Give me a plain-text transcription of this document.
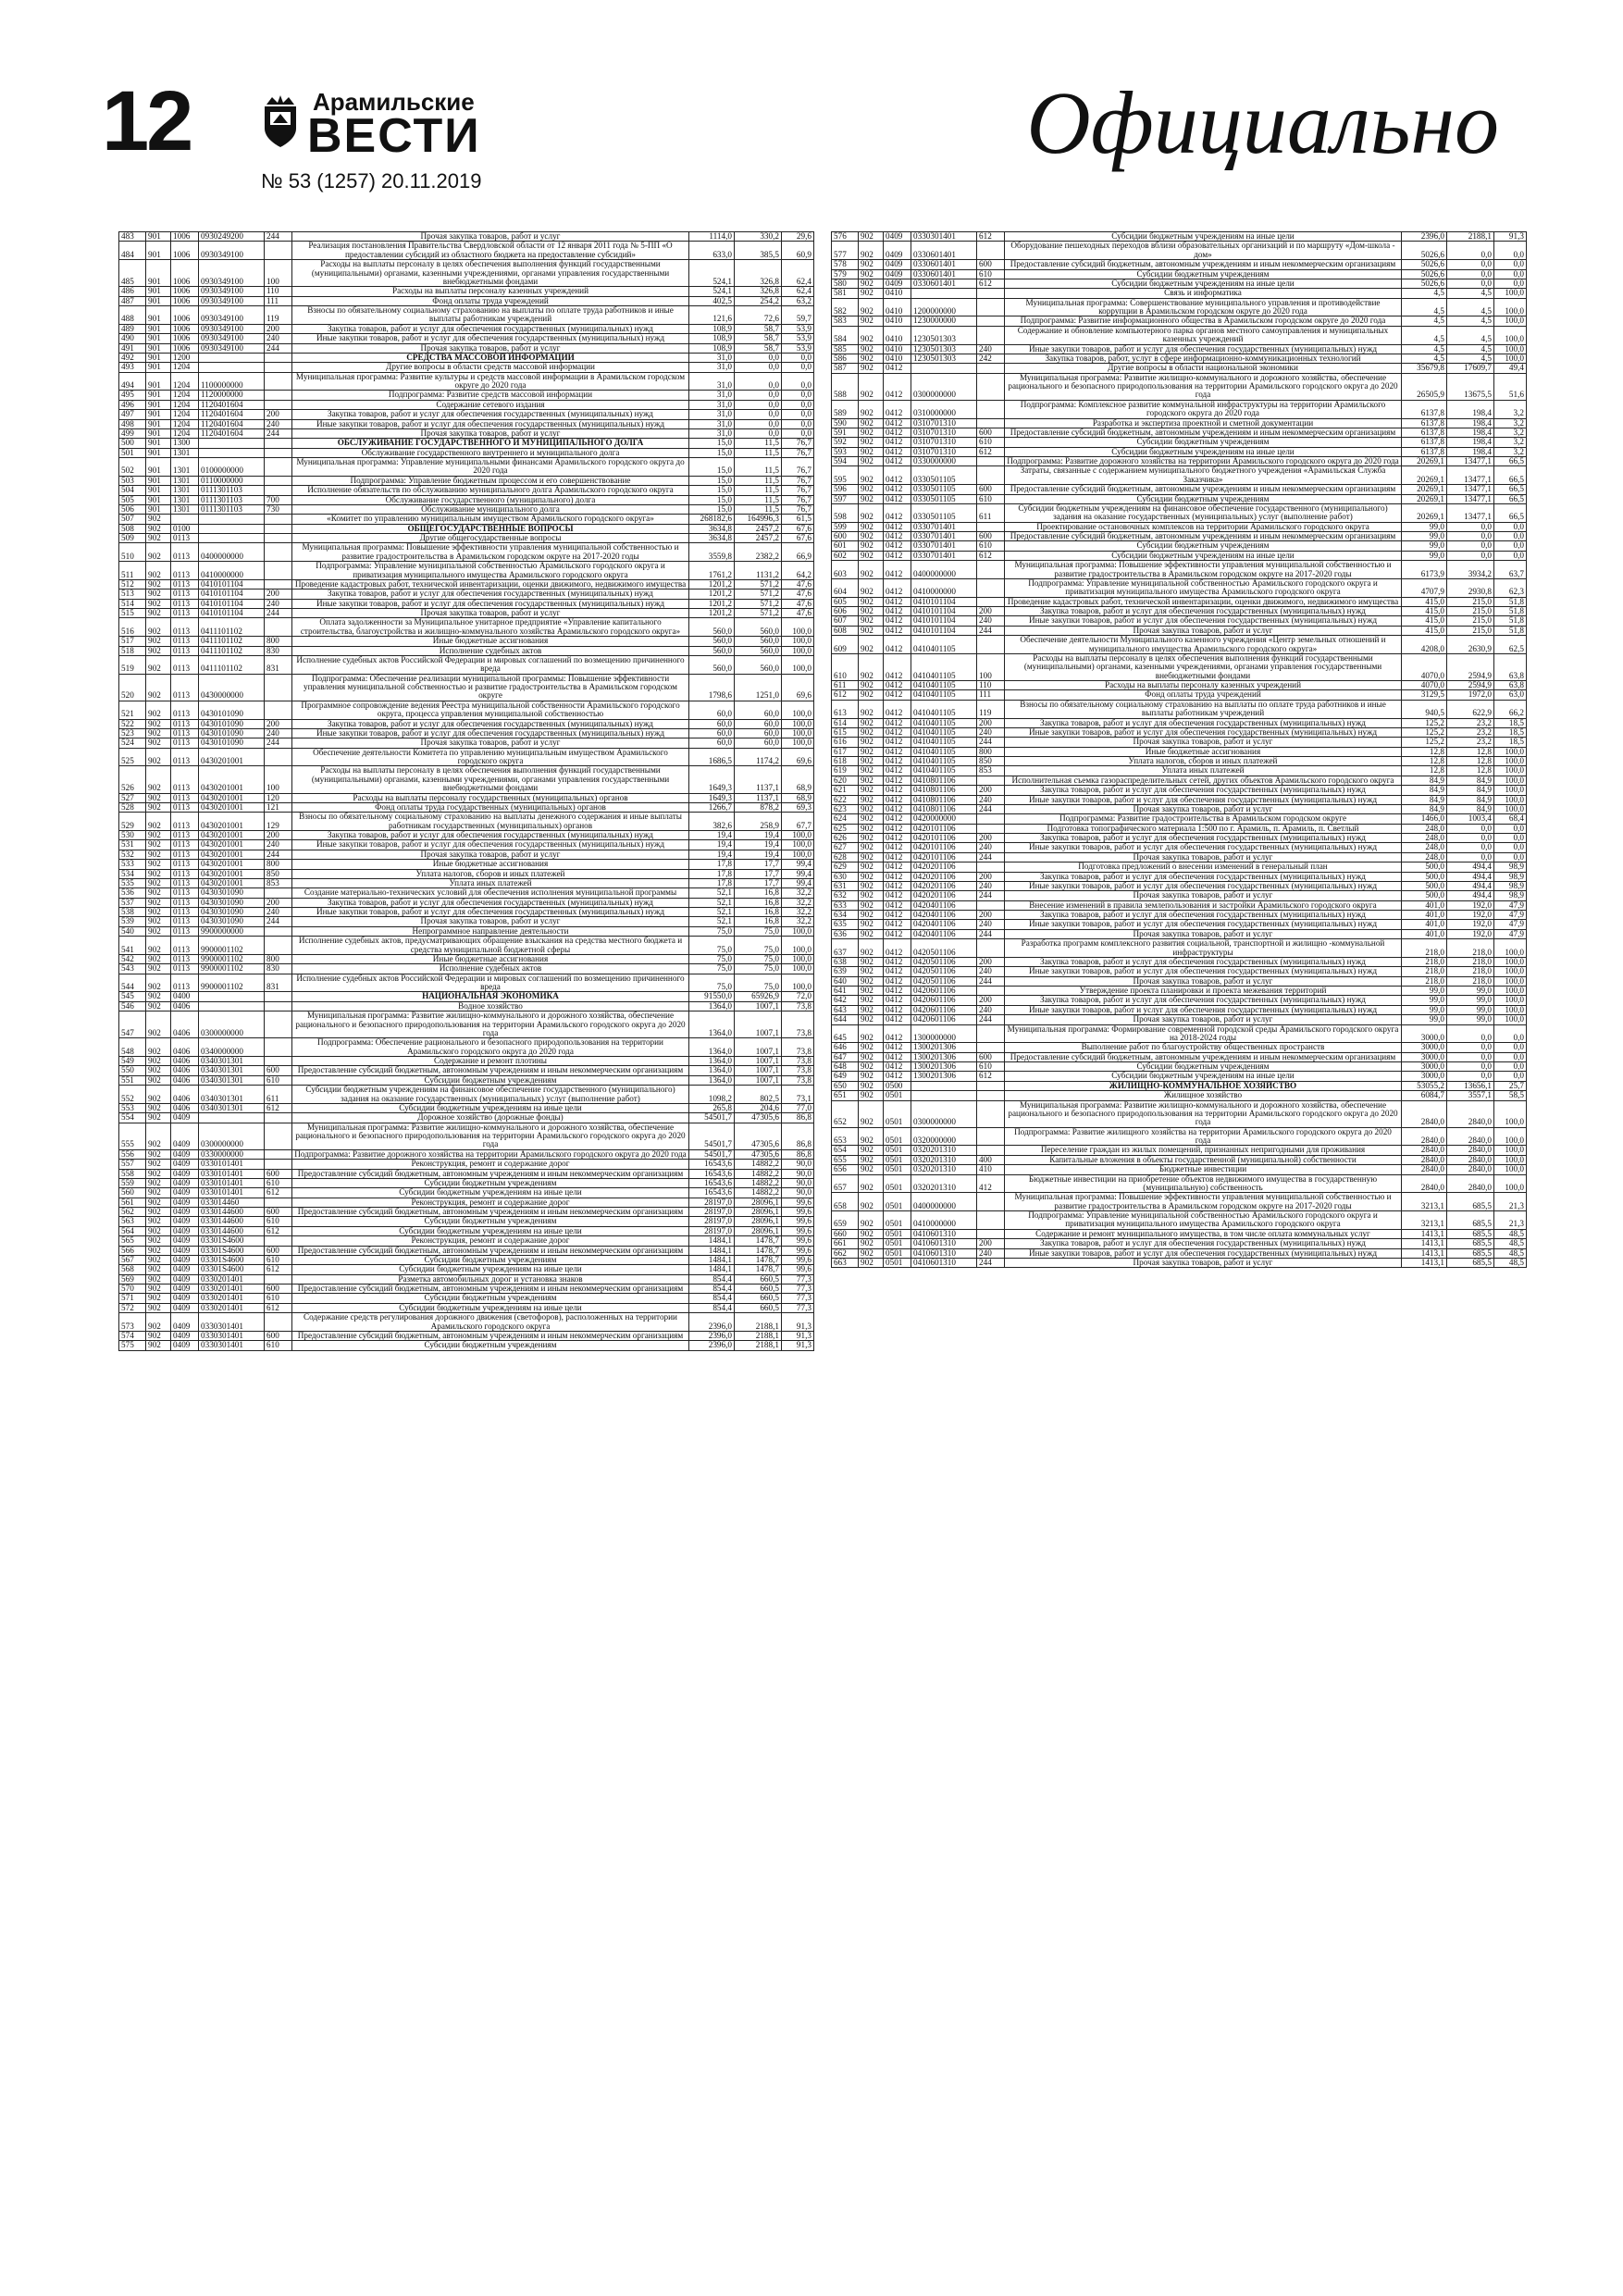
12	Арамильские
ВЕСТИ
№ 53 (1257) 20.11.2019
Официально
483	901	1006	0930249200	244	Прочая закупка товаров, работ и услуг	1114,0	330,2	29,6
484	901	1006	0930349100		Реализация постановления Правительства Свердловской области от 12 января 2011 года № 5-ПП «О предоставлении субсидий из областного бюджета на предоставление субсидий»	633,0	385,5	60,9
485	901	1006	0930349100	100	Расходы на выплаты персоналу в целях обеспечения выполнения функций государственными (муниципальными) органами, казенными учреждениями, органами управления государственными внебюджетными фондами	524,1	326,8	62,4
486	901	1006	0930349100	110	Расходы на выплаты персоналу казенных учреждений	524,1	326,8	62,4
487	901	1006	0930349100	111	Фонд оплаты труда учреждений	402,5	254,2	63,2
488	901	1006	0930349100	119	Взносы по обязательному социальному страхованию на выплаты по оплате труда работников и иные выплаты работникам учреждений	121,6	72,6	59,7
489	901	1006	0930349100	200	Закупка товаров, работ и услуг для обеспечения государственных (муниципальных) нужд	108,9	58,7	53,9
490	901	1006	0930349100	240	Иные закупки товаров, работ и услуг для обеспечения государственных (муниципальных) нужд	108,9	58,7	53,9
491	901	1006	0930349100	244	Прочая закупка товаров, работ и услуг	108,9	58,7	53,9
492	901	1200			СРЕДСТВА МАССОВОЙ ИНФОРМАЦИИ	31,0	0,0	0,0
493	901	1204			Другие вопросы в области средств массовой информации	31,0	0,0	0,0
494	901	1204	1100000000		Муниципальная программа: Развитие культуры и средств массовой информации в Арамильском городском округе до 2020 года	31,0	0,0	0,0
495	901	1204	1120000000		Подпрограмма: Развитие средств массовой информации	31,0	0,0	0,0
496	901	1204	1120401604		Содержание сетевого издания	31,0	0,0	0,0
497	901	1204	1120401604	200	Закупка товаров, работ и услуг для обеспечения государственных (муниципальных) нужд	31,0	0,0	0,0
498	901	1204	1120401604	240	Иные закупки товаров, работ и услуг для обеспечения государственных (муниципальных) нужд	31,0	0,0	0,0
499	901	1204	1120401604	244	Прочая закупка товаров, работ и услуг	31,0	0,0	0,0
500	901	1300			ОБСЛУЖИВАНИЕ ГОСУДАРСТВЕННОГО И МУНИЦИПАЛЬНОГО ДОЛГА	15,0	11,5	76,7
501	901	1301			Обслуживание государственного внутреннего и муниципального долга	15,0	11,5	76,7
502	901	1301	0100000000		Муниципальная программа: Управление муниципальными финансами Арамильского городского округа до 2020 года	15,0	11,5	76,7
503	901	1301	0110000000		Подпрограмма: Управление бюджетным процессом и его совершенствование	15,0	11,5	76,7
504	901	1301	0111301103		Исполнение обязательств по обслуживанию муниципального долга Арамильского городского округа	15,0	11,5	76,7
505	901	1301	0111301103	700	Обслуживание государственного (муниципального) долга	15,0	11,5	76,7
506	901	1301	0111301103	730	Обслуживание муниципального долга	15,0	11,5	76,7
507	902				«Комитет по управлению муниципальным имуществом Арамильского городского округа»	268182,6	164996,3	61,5
508	902	0100			ОБЩЕГОСУДАРСТВЕННЫЕ ВОПРОСЫ	3634,8	2457,2	67,6
509	902	0113			Другие общегосударственные вопросы	3634,8	2457,2	67,6
510	902	0113	0400000000		Муниципальная программа: Повышение эффективности управления муниципальной собственностью и развитие градостроительства в Арамильском городском округе на 2017-2020 годы	3559,8	2382,2	66,9
511	902	0113	0410000000		Подпрограмма: Управление муниципальной собственностью Арамильского городского округа и приватизация муниципального имущества Арамильского городского округа	1761,2	1131,2	64,2
512	902	0113	0410101104		Проведение кадастровых работ, технической инвентаризации, оценки движимого, недвижимого имущества	1201,2	571,2	47,6
513	902	0113	0410101104	200	Закупка товаров, работ и услуг для обеспечения государственных (муниципальных) нужд	1201,2	571,2	47,6
514	902	0113	0410101104	240	Иные закупки товаров, работ и услуг для обеспечения государственных (муниципальных) нужд	1201,2	571,2	47,6
515	902	0113	0410101104	244	Прочая закупка товаров, работ и услуг	1201,2	571,2	47,6
516	902	0113	0411101102		Оплата задолженности за Муниципальное унитарное предприятие «Управление капитального строительства, благоустройства и жилищно-коммунального хозяйства Арамильского городского округа»	560,0	560,0	100,0
517	902	0113	0411101102	800	Иные бюджетные ассигнования	560,0	560,0	100,0
518	902	0113	0411101102	830	Исполнение судебных актов	560,0	560,0	100,0
519	902	0113	0411101102	831	Исполнение судебных актов Российской Федерации и мировых соглашений по возмещению причиненного вреда	560,0	560,0	100,0
520	902	0113	0430000000		Подпрограмма: Обеспечение реализации муниципальной программы: Повышение эффективности управления муниципальной собственностью и развитие градостроительства в Арамильском городском округе	1798,6	1251,0	69,6
521	902	0113	0430101090		Программное сопровождение ведения Реестра муниципальной собственности Арамильского городского округа, процесса управления муниципальной собственностью	60,0	60,0	100,0
522	902	0113	0430101090	200	Закупка товаров, работ и услуг для обеспечения государственных (муниципальных) нужд	60,0	60,0	100,0
523	902	0113	0430101090	240	Иные закупки товаров, работ и услуг для обеспечения государственных (муниципальных) нужд	60,0	60,0	100,0
524	902	0113	0430101090	244	Прочая закупка товаров, работ и услуг	60,0	60,0	100,0
525	902	0113	0430201001		Обеспечение деятельности Комитета по управлению муниципальным имуществом Арамильского городского округа	1686,5	1174,2	69,6
526	902	0113	0430201001	100	Расходы на выплаты персоналу в целях обеспечения выполнения функций государственными (муниципальными) органами, казенными учреждениями, органами управления государственными внебюджетными фондами	1649,3	1137,1	68,9
527	902	0113	0430201001	120	Расходы на выплаты персоналу государственных (муниципальных) органов	1649,3	1137,1	68,9
528	902	0113	0430201001	121	Фонд оплаты труда государственных (муниципальных) органов	1266,7	878,2	69,3
529	902	0113	0430201001	129	Взносы по обязательному социальному страхованию на выплаты денежного содержания и иные выплаты работникам государственных (муниципальных) органов	382,6	258,9	67,7
530	902	0113	0430201001	200	Закупка товаров, работ и услуг для обеспечения государственных (муниципальных) нужд	19,4	19,4	100,0
531	902	0113	0430201001	240	Иные закупки товаров, работ и услуг для обеспечения государственных (муниципальных) нужд	19,4	19,4	100,0
532	902	0113	0430201001	244	Прочая закупка товаров, работ и услуг	19,4	19,4	100,0
533	902	0113	0430201001	800	Иные бюджетные ассигнования	17,8	17,7	99,4
534	902	0113	0430201001	850	Уплата налогов, сборов и иных платежей	17,8	17,7	99,4
535	902	0113	0430201001	853	Уплата иных платежей	17,8	17,7	99,4
536	902	0113	0430301090		Создание материально-технических условий для обеспечения исполнения муниципальной программы	52,1	16,8	32,2
537	902	0113	0430301090	200	Закупка товаров, работ и услуг для обеспечения государственных (муниципальных) нужд	52,1	16,8	32,2
538	902	0113	0430301090	240	Иные закупки товаров, работ и услуг для обеспечения государственных (муниципальных) нужд	52,1	16,8	32,2
539	902	0113	0430301090	244	Прочая закупка товаров, работ и услуг	52,1	16,8	32,2
540	902	0113	9900000000		Непрограммное направление деятельности	75,0	75,0	100,0
541	902	0113	9900001102		Исполнение судебных актов, предусматривающих обращение взыскания на средства местного бюджета и средства муниципальной бюджетной сферы	75,0	75,0	100,0
542	902	0113	9900001102	800	Иные бюджетные ассигнования	75,0	75,0	100,0
543	902	0113	9900001102	830	Исполнение судебных актов	75,0	75,0	100,0
544	902	0113	9900001102	831	Исполнение судебных актов Российской Федерации и мировых соглашений по возмещению причиненного вреда	75,0	75,0	100,0
545	902	0400			НАЦИОНАЛЬНАЯ ЭКОНОМИКА	91550,0	65926,9	72,0
546	902	0406			Водное хозяйство	1364,0	1007,1	73,8
547	902	0406	0300000000		Муниципальная программа: Развитие жилищно-коммунального и дорожного хозяйства, обеспечение рационального и безопасного природопользования на территории Арамильского городского округа до 2020 года	1364,0	1007,1	73,8
548	902	0406	0340000000		Подпрограмма: Обеспечение рационального и безопасного природопользования на территории Арамильского городского округа до 2020 года	1364,0	1007,1	73,8
549	902	0406	0340301301		Содержание и ремонт плотины	1364,0	1007,1	73,8
550	902	0406	0340301301	600	Предоставление субсидий бюджетным, автономным учреждениям и иным некоммерческим организациям	1364,0	1007,1	73,8
551	902	0406	0340301301	610	Субсидии бюджетным учреждениям	1364,0	1007,1	73,8
552	902	0406	0340301301	611	Субсидии бюджетным учреждениям на финансовое обеспечение государственного (муниципального) задания на оказание государственных (муниципальных) услуг (выполнение работ)	1098,2	802,5	73,1
553	902	0406	0340301301	612	Субсидии бюджетным учреждениям на иные цели	265,8	204,6	77,0
554	902	0409			Дорожное хозяйство (дорожные фонды)	54501,7	47305,6	86,8
555	902	0409	0300000000		Муниципальная программа: Развитие жилищно-коммунального и дорожного хозяйства, обеспечение рационального и безопасного природопользования на территории Арамильского городского округа до 2020 года	54501,7	47305,6	86,8
556	902	0409	0330000000		Подпрограмма: Развитие дорожного хозяйства на территории Арамильского городского округа до 2020 года	54501,7	47305,6	86,8
557	902	0409	0330101401		Реконструкция, ремонт и содержание дорог	16543,6	14882,2	90,0
558	902	0409	0330101401	600	Предоставление субсидий бюджетным, автономным учреждениям и иным некоммерческим организациям	16543,6	14882,2	90,0
559	902	0409	0330101401	610	Субсидии бюджетным учреждениям	16543,6	14882,2	90,0
560	902	0409	0330101401	612	Субсидии бюджетным учреждениям на иные цели	16543,6	14882,2	90,0
561	902	0409	033014460		Реконструкция, ремонт и содержание дорог	28197,0	28096,1	99,6
562	902	0409	0330144600	600	Предоставление субсидий бюджетным, автономным учреждениям и иным некоммерческим организациям	28197,0	28096,1	99,6
563	902	0409	0330144600	610	Субсидии бюджетным учреждениям	28197,0	28096,1	99,6
564	902	0409	0330144600	612	Субсидии бюджетным учреждениям на иные цели	28197,0	28096,1	99,6
565	902	0409	03301S4600		Реконструкция, ремонт и содержание дорог	1484,1	1478,7	99,6
566	902	0409	03301S4600	600	Предоставление субсидий бюджетным, автономным учреждениям и иным некоммерческим организациям	1484,1	1478,7	99,6
567	902	0409	03301S4600	610	Субсидии бюджетным учреждениям	1484,1	1478,7	99,6
568	902	0409	03301S4600	612	Субсидии бюджетным учреждениям на иные цели	1484,1	1478,7	99,6
569	902	0409	0330201401		Разметка автомобильных дорог и установка знаков	854,4	660,5	77,3
570	902	0409	0330201401	600	Предоставление субсидий бюджетным, автономным учреждениям и иным некоммерческим организациям	854,4	660,5	77,3
571	902	0409	0330201401	610	Субсидии бюджетным учреждениям	854,4	660,5	77,3
572	902	0409	0330201401	612	Субсидии бюджетным учреждениям на иные цели	854,4	660,5	77,3
573	902	0409	0330301401		Содержание средств регулирования дорожного движения (светофоров), расположенных на территории Арамильского городского округа	2396,0	2188,1	91,3
574	902	0409	0330301401	600	Предоставление субсидий бюджетным, автономным учреждениям и иным некоммерческим организациям	2396,0	2188,1	91,3
575	902	0409	0330301401	610	Субсидии бюджетным учреждениям	2396,0	2188,1	91,3
576	902	0409	0330301401	612	Субсидии бюджетным учреждениям на иные цели	2396,0	2188,1	91,3
577	902	0409	0330601401		Оборудование пешеходных переходов вблизи образовательных организаций и по маршруту «Дом-школа - дом»	5026,6	0,0	0,0
578	902	0409	0330601401	600	Предоставление субсидий бюджетным, автономным учреждениям и иным некоммерческим организациям	5026,6	0,0	0,0
579	902	0409	0330601401	610	Субсидии бюджетным учреждениям	5026,6	0,0	0,0
580	902	0409	0330601401	612	Субсидии бюджетным учреждениям на иные цели	5026,6	0,0	0,0
581	902	0410			Связь и информатика	4,5	4,5	100,0
582	902	0410	1200000000		Муниципальная программа: Совершенствование муниципального управления и противодействие коррупции в Арамильском городском округе до 2020 года	4,5	4,5	100,0
583	902	0410	1230000000		Подпрограмма: Развитие информационного общества в Арамильском городском округе до 2020 года	4,5	4,5	100,0
584	902	0410	1230501303		Содержание и обновление компьютерного парка органов местного самоуправления и муниципальных казенных учреждений	4,5	4,5	100,0
585	902	0410	1230501303	240	Иные закупки товаров, работ и услуг для обеспечения государственных (муниципальных) нужд	4,5	4,5	100,0
586	902	0410	1230501303	242	Закупка товаров, работ, услуг в сфере информационно-коммуникационных технологий	4,5	4,5	100,0
587	902	0412			Другие вопросы в области национальной экономики	35679,8	17609,7	49,4
588	902	0412	0300000000		Муниципальная программа: Развитие жилищно-коммунального и дорожного хозяйства, обеспечение рационального и безопасного природопользования на территории Арамильского городского округа до 2020 года	26505,9	13675,5	51,6
589	902	0412	0310000000		Подпрограмма: Комплексное развитие коммунальной инфраструктуры на территории Арамильского городского округа до 2020 года	6137,8	198,4	3,2
590	902	0412	0310701310		Разработка и экспертиза проектной и сметной документации	6137,8	198,4	3,2
591	902	0412	0310701310	600	Предоставление субсидий бюджетным, автономным учреждениям и иным некоммерческим организациям	6137,8	198,4	3,2
592	902	0412	0310701310	610	Субсидии бюджетным учреждениям	6137,8	198,4	3,2
593	902	0412	0310701310	612	Субсидии бюджетным учреждениям на иные цели	6137,8	198,4	3,2
594	902	0412	0330000000		Подпрограмма: Развитие дорожного хозяйства на территории Арамильского городского округа до 2020 года	20269,1	13477,1	66,5
595	902	0412	0330501105		Затраты, связанные с содержанием муниципального бюджетного учреждения «Арамильская Служба Заказчика»	20269,1	13477,1	66,5
596	902	0412	0330501105	600	Предоставление субсидий бюджетным, автономным учреждениям и иным некоммерческим организациям	20269,1	13477,1	66,5
597	902	0412	0330501105	610	Субсидии бюджетным учреждениям	20269,1	13477,1	66,5
598	902	0412	0330501105	611	Субсидии бюджетным учреждениям на финансовое обеспечение государственного (муниципального) задания на оказание государственных (муниципальных) услуг (выполнение работ)	20269,1	13477,1	66,5
599	902	0412	0330701401		Проектирование остановочных комплексов на территории Арамильского городского округа	99,0	0,0	0,0
600	902	0412	0330701401	600	Предоставление субсидий бюджетным, автономным учреждениям и иным некоммерческим организациям	99,0	0,0	0,0
601	902	0412	0330701401	610	Субсидии бюджетным учреждениям	99,0	0,0	0,0
602	902	0412	0330701401	612	Субсидии бюджетным учреждениям на иные цели	99,0	0,0	0,0
603	902	0412	0400000000		Муниципальная программа: Повышение эффективности управления муниципальной собственностью и развитие градостроительства в Арамильском городском округе на 2017-2020 годы	6173,9	3934,2	63,7
604	902	0412	0410000000		Подпрограмма: Управление муниципальной собственностью Арамильского городского округа и приватизация муниципального имущества Арамильского городского округа	4707,9	2930,8	62,3
605	902	0412	0410101104		Проведение кадастровых работ, технической инвентаризации, оценки движимого, недвижимого имущества	415,0	215,0	51,8
606	902	0412	0410101104	200	Закупка товаров, работ и услуг для обеспечения государственных (муниципальных) нужд	415,0	215,0	51,8
607	902	0412	0410101104	240	Иные закупки товаров, работ и услуг для обеспечения государственных (муниципальных) нужд	415,0	215,0	51,8
608	902	0412	0410101104	244	Прочая закупка товаров, работ и услуг	415,0	215,0	51,8
609	902	0412	0410401105		Обеспечение деятельности Муниципального казенного учреждения «Центр земельных отношений и муниципального имущества Арамильского городского округа»	4208,0	2630,9	62,5
610	902	0412	0410401105	100	Расходы на выплаты персоналу в целях обеспечения выполнения функций государственными (муниципальными) органами, казенными учреждениями, органами управления государственными внебюджетными фондами	4070,0	2594,9	63,8
611	902	0412	0410401105	110	Расходы на выплаты персоналу казенных учреждений	4070,0	2594,9	63,8
612	902	0412	0410401105	111	Фонд оплаты труда учреждений	3129,5	1972,0	63,0
613	902	0412	0410401105	119	Взносы по обязательному социальному страхованию на выплаты по оплате труда работников и иные выплаты работникам учреждений	940,5	622,9	66,2
614	902	0412	0410401105	200	Закупка товаров, работ и услуг для обеспечения государственных (муниципальных) нужд	125,2	23,2	18,5
615	902	0412	0410401105	240	Иные закупки товаров, работ и услуг для обеспечения государственных (муниципальных) нужд	125,2	23,2	18,5
616	902	0412	0410401105	244	Прочая закупка товаров, работ и услуг	125,2	23,2	18,5
617	902	0412	0410401105	800	Иные бюджетные ассигнования	12,8	12,8	100,0
618	902	0412	0410401105	850	Уплата налогов, сборов и иных платежей	12,8	12,8	100,0
619	902	0412	0410401105	853	Уплата иных платежей	12,8	12,8	100,0
620	902	0412	0410801106		Исполнительная съемка газораспределительных сетей, других объектов Арамильского городского округа	84,9	84,9	100,0
621	902	0412	0410801106	200	Закупка товаров, работ и услуг для обеспечения государственных (муниципальных) нужд	84,9	84,9	100,0
622	902	0412	0410801106	240	Иные закупки товаров, работ и услуг для обеспечения государственных (муниципальных) нужд	84,9	84,9	100,0
623	902	0412	0410801106	244	Прочая закупка товаров, работ и услуг	84,9	84,9	100,0
624	902	0412	0420000000		Подпрограмма: Развитие градостроительства в Арамильском городском округе	1466,0	1003,4	68,4
625	902	0412	0420101106		Подготовка топографического материала 1:500 по г. Арамиль, п. Арамиль, п. Светлый	248,0	0,0	0,0
626	902	0412	0420101106	200	Закупка товаров, работ и услуг для обеспечения государственных (муниципальных) нужд	248,0	0,0	0,0
627	902	0412	0420101106	240	Иные закупки товаров, работ и услуг для обеспечения государственных (муниципальных) нужд	248,0	0,0	0,0
628	902	0412	0420101106	244	Прочая закупка товаров, работ и услуг	248,0	0,0	0,0
629	902	0412	0420201106		Подготовка предложений о внесении изменений в генеральный план	500,0	494,4	98,9
630	902	0412	0420201106	200	Закупка товаров, работ и услуг для обеспечения государственных (муниципальных) нужд	500,0	494,4	98,9
631	902	0412	0420201106	240	Иные закупки товаров, работ и услуг для обеспечения государственных (муниципальных) нужд	500,0	494,4	98,9
632	902	0412	0420201106	244	Прочая закупка товаров, работ и услуг	500,0	494,4	98,9
633	902	0412	0420401106		Внесение изменений в правила землепользования и застройки Арамильского городского округа	401,0	192,0	47,9
634	902	0412	0420401106	200	Закупка товаров, работ и услуг для обеспечения государственных (муниципальных) нужд	401,0	192,0	47,9
635	902	0412	0420401106	240	Иные закупки товаров, работ и услуг для обеспечения государственных (муниципальных) нужд	401,0	192,0	47,9
636	902	0412	0420401106	244	Прочая закупка товаров, работ и услуг	401,0	192,0	47,9
637	902	0412	0420501106		Разработка программ комплексного развития социальной, транспортной и жилищно -коммунальной инфраструктуры	218,0	218,0	100,0
638	902	0412	0420501106	200	Закупка товаров, работ и услуг для обеспечения государственных (муниципальных) нужд	218,0	218,0	100,0
639	902	0412	0420501106	240	Иные закупки товаров, работ и услуг для обеспечения государственных (муниципальных) нужд	218,0	218,0	100,0
640	902	0412	0420501106	244	Прочая закупка товаров, работ и услуг	218,0	218,0	100,0
641	902	0412	0420601106		Утверждение проекта планировки и проекта межевания территорий	99,0	99,0	100,0
642	902	0412	0420601106	200	Закупка товаров, работ и услуг для обеспечения государственных (муниципальных) нужд	99,0	99,0	100,0
643	902	0412	0420601106	240	Иные закупки товаров, работ и услуг для обеспечения государственных (муниципальных) нужд	99,0	99,0	100,0
644	902	0412	0420601106	244	Прочая закупка товаров, работ и услуг	99,0	99,0	100,0
645	902	0412	1300000000		Муниципальная программа: Формирование современной городской среды Арамильского городского округа на 2018-2024 годы	3000,0	0,0	0,0
646	902	0412	1300201306		Выполнение работ по благоустройству общественных пространств	3000,0	0,0	0,0
647	902	0412	1300201306	600	Предоставление субсидий бюджетным, автономным учреждениям и иным некоммерческим организациям	3000,0	0,0	0,0
648	902	0412	1300201306	610	Субсидии бюджетным учреждениям	3000,0	0,0	0,0
649	902	0412	1300201306	612	Субсидии бюджетным учреждениям на иные цели	3000,0	0,0	0,0
650	902	0500			ЖИЛИЩНО-КОММУНАЛЬНОЕ ХОЗЯЙСТВО	53055,2	13656,1	25,7
651	902	0501			Жилищное хозяйство	6084,7	3557,1	58,5
652	902	0501	0300000000		Муниципальная программа: Развитие жилищно-коммунального и дорожного хозяйства, обеспечение рационального и безопасного природопользования на территории Арамильского городского округа до 2020 года	2840,0	2840,0	100,0
653	902	0501	0320000000		Подпрограмма: Развитие жилищного хозяйства на территории Арамильского городского округа до 2020 года	2840,0	2840,0	100,0
654	902	0501	0320201310		Переселение граждан из жилых помещений, признанных непригодными для проживания	2840,0	2840,0	100,0
655	902	0501	0320201310	400	Капитальные вложения в объекты государственной (муниципальной) собственности	2840,0	2840,0	100,0
656	902	0501	0320201310	410	Бюджетные инвестиции	2840,0	2840,0	100,0
657	902	0501	0320201310	412	Бюджетные инвестиции на приобретение объектов недвижимого имущества в государственную (муниципальную) собственность	2840,0	2840,0	100,0
658	902	0501	0400000000		Муниципальная программа: Повышение эффективности управления муниципальной собственностью и развитие градостроительства в Арамильском городском округе на 2017-2020 годы	3213,1	685,5	21,3
659	902	0501	0410000000		Подпрограмма: Управление муниципальной собственностью Арамильского городского округа и приватизация муниципального имущества Арамильского городского округа	3213,1	685,5	21,3
660	902	0501	0410601310		Содержание и ремонт муниципального имущества, в том числе оплата коммунальных услуг	1413,1	685,5	48,5
661	902	0501	0410601310	200	Закупка товаров, работ и услуг для обеспечения государственных (муниципальных) нужд	1413,1	685,5	48,5
662	902	0501	0410601310	240	Иные закупки товаров, работ и услуг для обеспечения государственных (муниципальных) нужд	1413,1	685,5	48,5
663	902	0501	0410601310	244	Прочая закупка товаров, работ и услуг	1413,1	685,5	48,5
